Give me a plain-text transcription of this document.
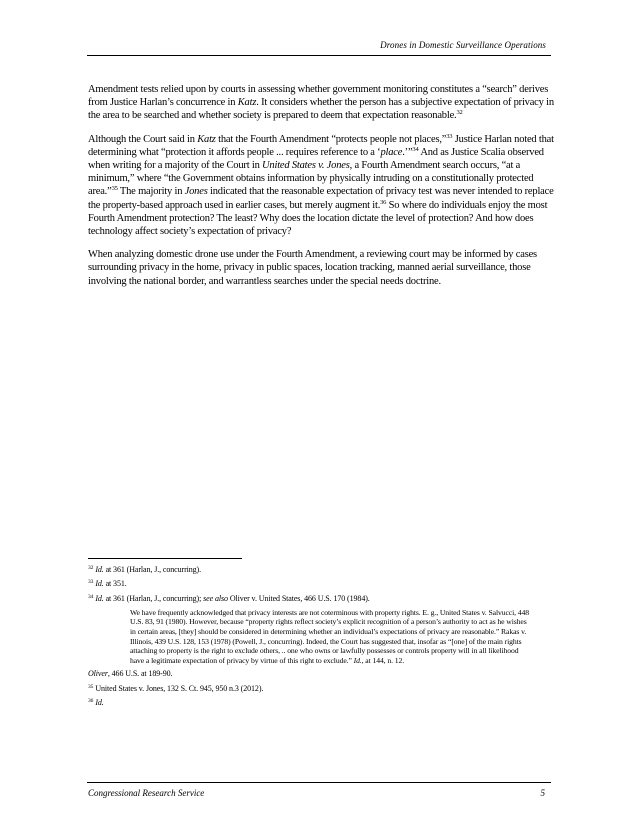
Drones in Domestic Surveillance Operations

Amendment tests relied upon by courts in assessing whether government monitoring constitutes a “search” derives from Justice Harlan’s concurrence in Katz. It considers whether the person has a subjective expectation of privacy in the area to be searched and whether society is prepared to deem that expectation reasonable.$^{32}$

Although the Court said in Katz that the Fourth Amendment “protects people not places,”$^{33}$ Justice Harlan noted that determining what “protection it affords people ... requires reference to a ‘place.’”$^{34}$ And as Justice Scalia observed when writing for a majority of the Court in United States v. Jones, a Fourth Amendment search occurs, “at a minimum,” where “the Government obtains information by physically intruding on a constitutionally protected area.”$^{35}$ The majority in Jones indicated that the reasonable expectation of privacy test was never intended to replace the property-based approach used in earlier cases, but merely augment it.$^{36}$ So where do individuals enjoy the most Fourth Amendment protection? The least? Why does the location dictate the level of protection? And how does technology affect society’s expectation of privacy?

When analyzing domestic drone use under the Fourth Amendment, a reviewing court may be informed by cases surrounding privacy in the home, privacy in public spaces, location tracking, manned aerial surveillance, those involving the national border, and warrantless searches under the special needs doctrine.

$^{32}$ Id. at 361 (Harlan, J., concurring).
$^{33}$ Id. at 351.
$^{34}$ Id. at 361 (Harlan, J., concurring); see also Oliver v. United States, 466 U.S. 170 (1984).
We have frequently acknowledged that privacy interests are not coterminous with property rights. E. g., United States v. Salvucci, 448 U.S. 83, 91 (1980). However, because “property rights reflect society’s explicit recognition of a person’s authority to act as he wishes in certain areas, [they] should be considered in determining whether an individual’s expectations of privacy are reasonable.” Rakas v. Illinois, 439 U.S. 128, 153 (1978) (Powell, J., concurring). Indeed, the Court has suggested that, insofar as “[one] of the main rights attaching to property is the right to exclude others, .. one who owns or lawfully possesses or controls property will in all likelihood have a legitimate expectation of privacy by virtue of this right to exclude.” Id., at 144, n. 12.
Oliver, 466 U.S. at 189-90.
$^{35}$ United States v. Jones, 132 S. Ct. 945, 950 n.3 (2012).
$^{36}$ Id.
Congressional Research Service	5
